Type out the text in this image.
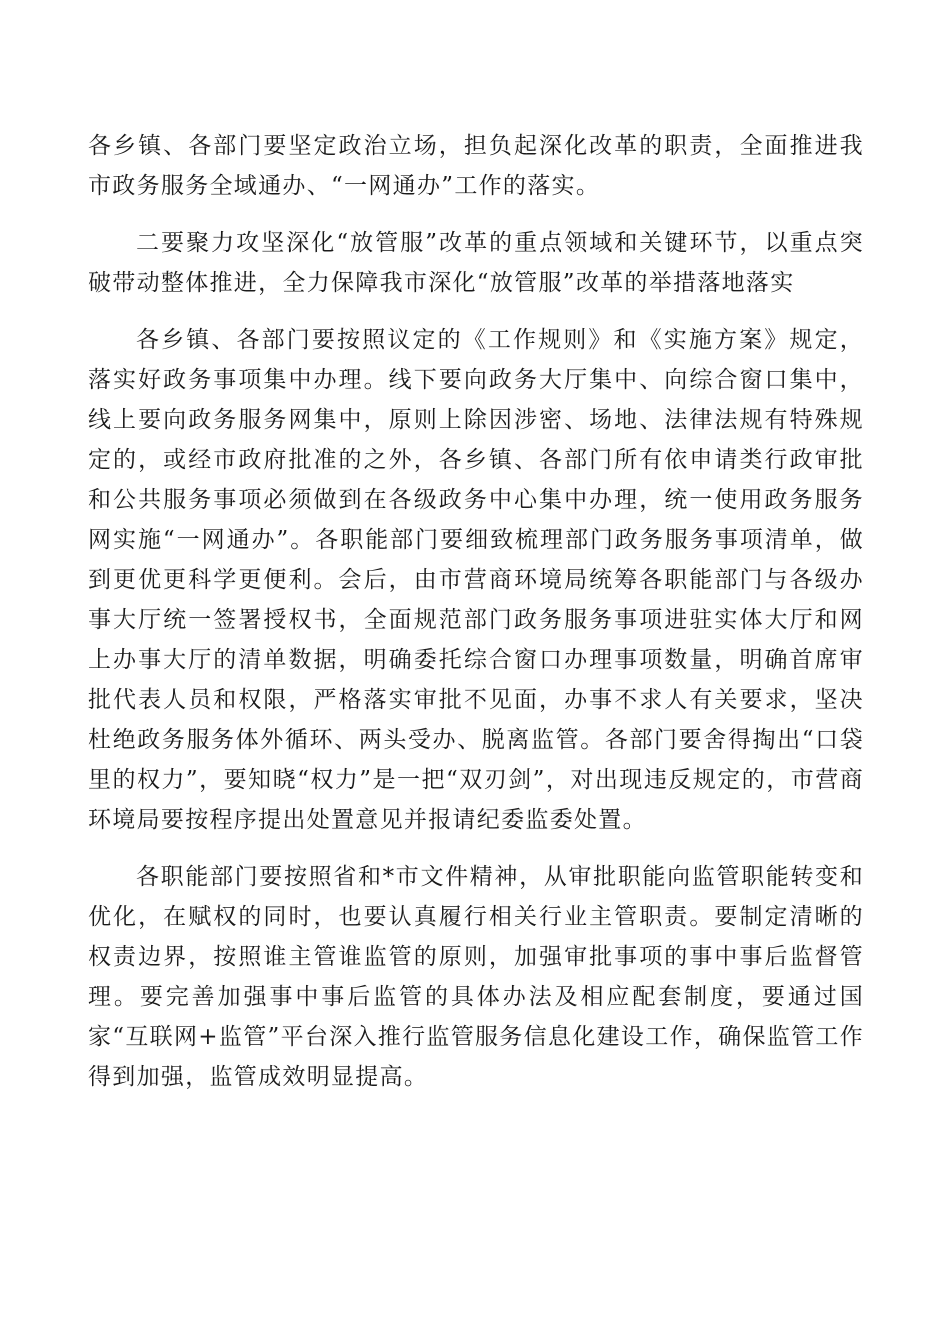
各乡镇、各部门要坚定政治立场，担负起深化改革的职责，全面推进我市政务服务全域通办、“一网通办”工作的落实。

二要聚力攻坚深化“放管服”改革的重点领域和关键环节，以重点突破带动整体推进，全力保障我市深化“放管服”改革的举措落地落实

各乡镇、各部门要按照议定的《工作规则》和《实施方案》规定，落实好政务事项集中办理。线下要向政务大厅集中、向综合窗口集中，线上要向政务服务网集中，原则上除因涉密、场地、法律法规有特殊规定的，或经市政府批准的之外，各乡镇、各部门所有依申请类行政审批和公共服务事项必须做到在各级政务中心集中办理，统一使用政务服务网实施“一网通办”。各职能部门要细致梳理部门政务服务事项清单，做到更优更科学更便利。会后，由市营商环境局统筹各职能部门与各级办事大厅统一签署授权书，全面规范部门政务服务事项进驻实体大厅和网上办事大厅的清单数据，明确委托综合窗口办理事项数量，明确首席审批代表人员和权限，严格落实审批不见面，办事不求人有关要求，坚决杜绝政务服务体外循环、两头受办、脱离监管。各部门要舍得掏出“口袋里的权力”，要知晓“权力”是一把“双刃剑”，对出现违反规定的，市营商环境局要按程序提出处置意见并报请纪委监委处置。

各职能部门要按照省和*市文件精神，从审批职能向监管职能转变和优化，在赋权的同时，也要认真履行相关行业主管职责。要制定清晰的权责边界，按照谁主管谁监管的原则，加强审批事项的事中事后监督管理。要完善加强事中事后监管的具体办法及相应配套制度，要通过国家“互联网+监管”平台深入推行监管服务信息化建设工作，确保监管工作得到加强，监管成效明显提高。
